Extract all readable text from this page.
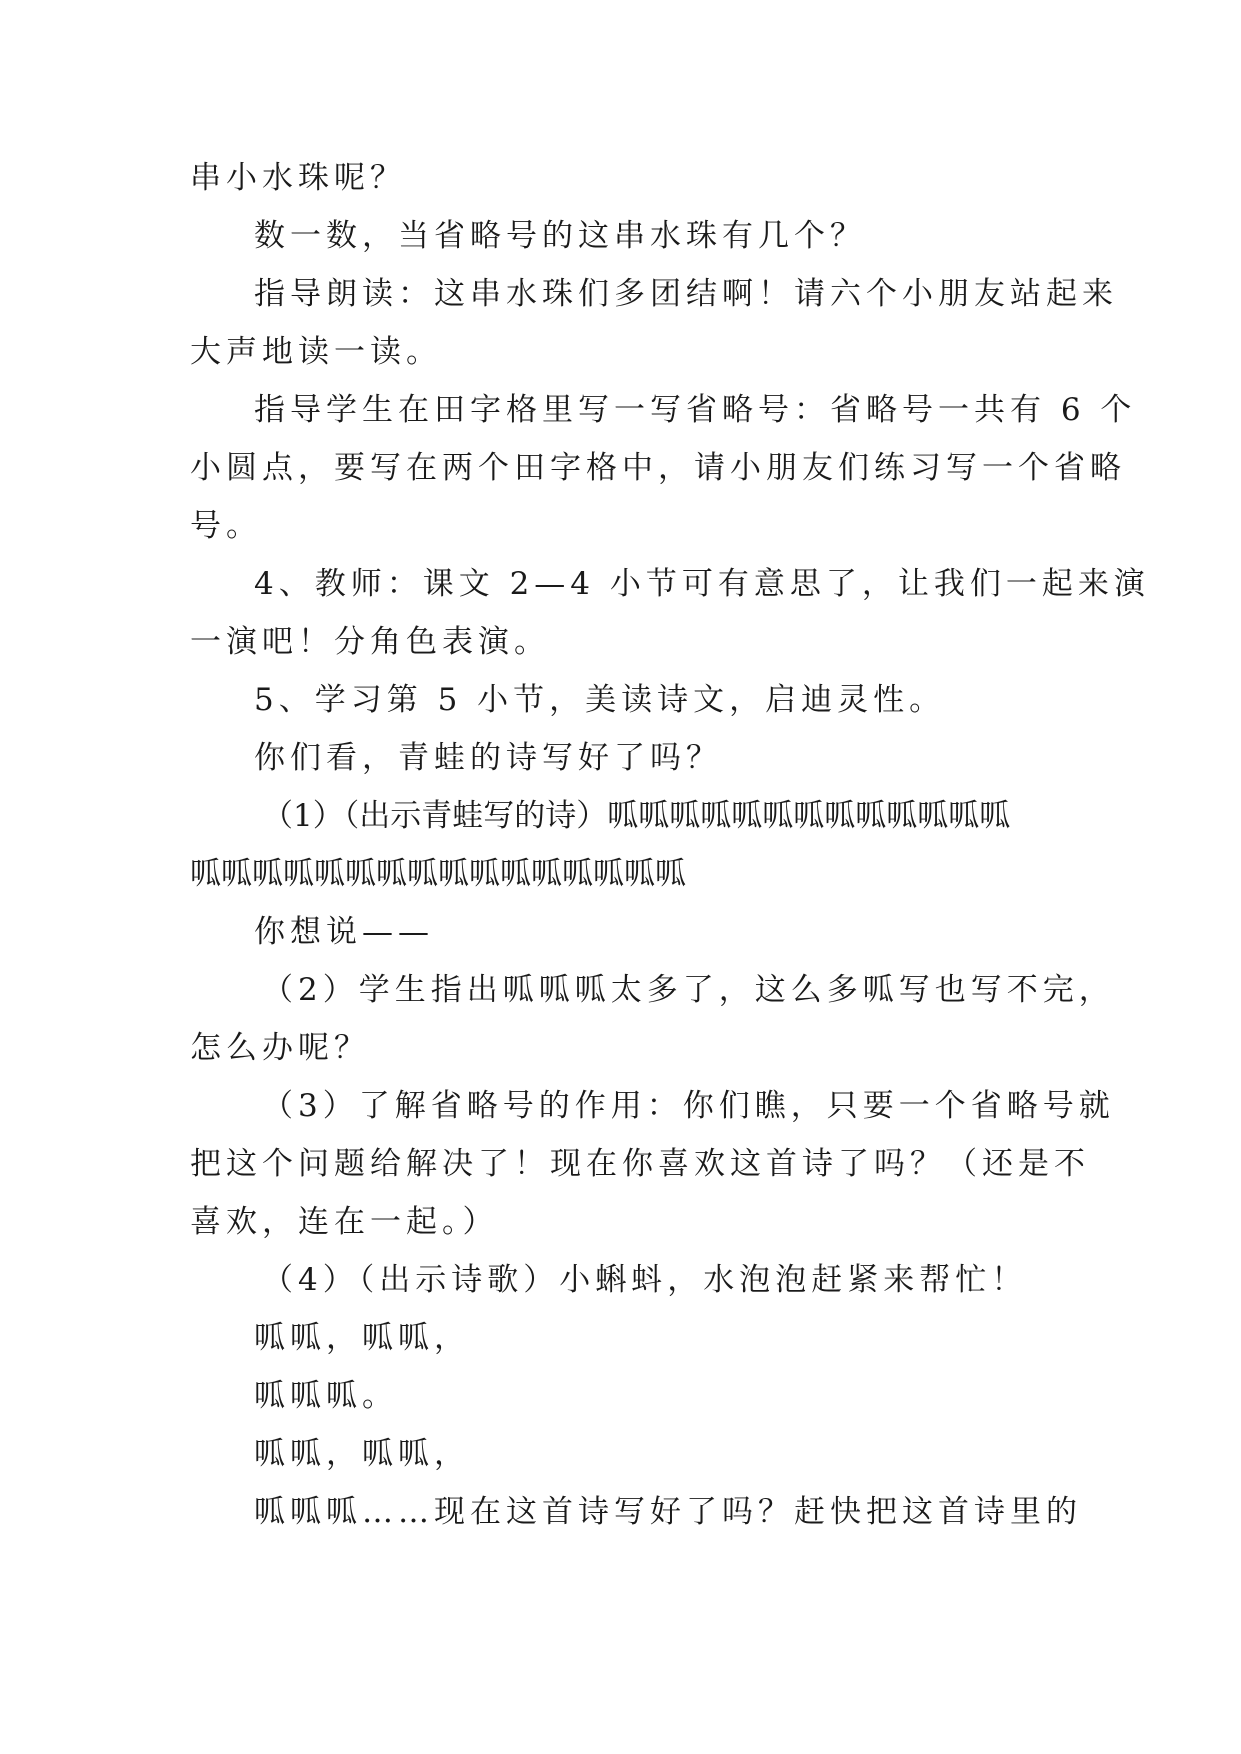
串小水珠呢？
数一数，当省略号的这串水珠有几个？
指导朗读：这串水珠们多团结啊！请六个小朋友站起来
大声地读一读。
指导学生在田字格里写一写省略号：省略号一共有 6 个
小圆点，要写在两个田字格中，请小朋友们练习写一个省略
号。
4、教师：课文 2—4 小节可有意思了，让我们一起来演
一演吧！分角色表演。
5、学习第 5 小节，美读诗文，启迪灵性。
你们看，青蛙的诗写好了吗？
（1）（出示青蛙写的诗）呱呱呱呱呱呱呱呱呱呱呱呱呱
呱呱呱呱呱呱呱呱呱呱呱呱呱呱呱呱
你想说——
（2）学生指出呱呱呱太多了，这么多呱写也写不完，
怎么办呢？
（3）了解省略号的作用：你们瞧，只要一个省略号就
把这个问题给解决了！现在你喜欢这首诗了吗？（还是不
喜欢，连在一起。）
（4）（出示诗歌）小蝌蚪，水泡泡赶紧来帮忙！
呱呱，呱呱，
呱呱呱。
呱呱，呱呱，
呱呱呱……现在这首诗写好了吗？赶快把这首诗里的
